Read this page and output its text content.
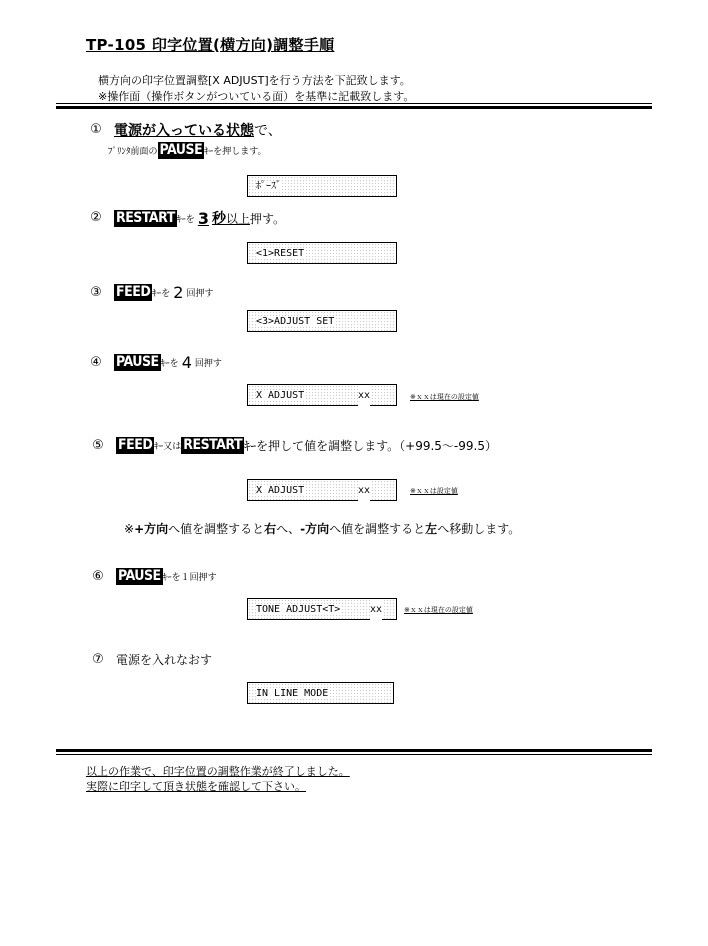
TP-105 印字位置(横方向)調整手順
横方向の印字位置調整[X ADJUST]を行う方法を下記致します。
※操作面（操作ボタンがついている面）を基準に記載致します。
① 電源が入っている状態 で、
ﾌﾟﾘﾝﾀ前面の PAUSE ｷｰを押します。
ﾎﾟｰｽﾞ
② RESTART ｷｰを 3 秒 以上 押す。
<1>RESET
③ FEED ｷｰを 2 回押す
<3>ADJUST SET
④ PAUSE ｷｰを 4 回押す
X ADJUST	xx	※ｘｘは現在の設定値
⑤ FEED ｷｰ又は RESTART ｷｰを押して値を調整します。（+99.5～-99.5）
X ADJUST	xx	※ｘｘは設定値
※+方向へ値を調整すると右へ、-方向へ値を調整すると左へ移動します。
⑥ PAUSE ｷｰを１回押す
TONE ADJUST<T>	xx	※ｘｘは現在の設定値
⑦	電源を入れなおす
IN LINE MODE
以上の作業で、印字位置の調整作業が終了しました。
実際に印字して頂き状態を確認して下さい。
